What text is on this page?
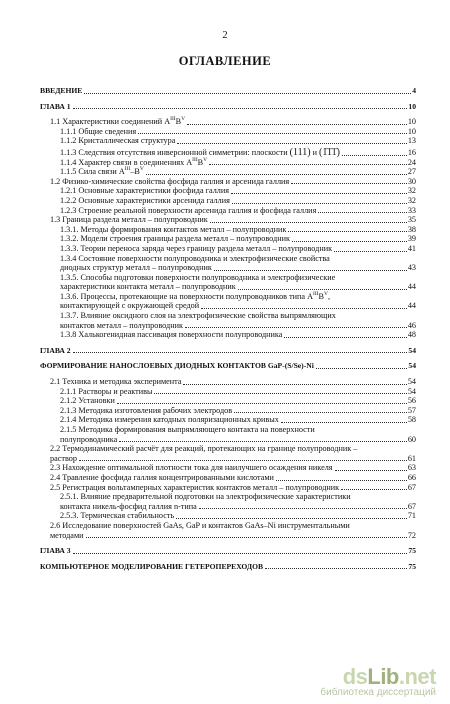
2
ОГЛАВЛЕНИЕ
ВВЕДЕНИЕ	4
ГЛАВА 1	10
1.1 Характеристики соединений $A^{III}B^V$	10
1.1.1 Общие сведения	10
1.1.2 Кристаллическая структура	13
1.1.3 Следствия отсутствия инверсионной симметрии: плоскости (111) и (1̄1̄1̄)	16
1.1.4 Характер связи в соединениях $A^{III}B^V$	24
1.1.5 Сила связи $A^{III}-B^V$	27
1.2 Физико-химические свойства фосфида галлия и арсенида галлия	30
1.2.1 Основные характеристики фосфида галлия	32
1.2.2 Основные характеристики арсенида галлия	32
1.2.3 Строение реальной поверхности арсенида галлия и фосфида галлия	33
1.3 Граница раздела металл – полупроводник	35
1.3.1. Методы формирования контактов металл – полупроводник	38
1.3.2. Модели строения границы раздела металл – полупроводник	39
1.3.3. Теории переноса заряда через границу раздела металл – полупроводник	41
1.3.4 Состояние поверхности полупроводника и электрофизические свойства
диодных структур металл – полупроводник	43
1.3.5. Способы подготовки поверхности полупроводника и электрофизические
характеристики контакта металл – полупроводник	44
1.3.6. Процессы, протекающие на поверхности полупроводников типа $A^{III}B^V$,
контактирующей с окружающей средой	44
1.3.7. Влияние оксидного слоя на электрофизические свойства выпрямляющих
контактов металл – полупроводник	46
1.3.8 Халькогенидная пассивация поверхности полупроводника	48
ГЛАВА 2	54
ФОРМИРОВАНИЕ НАНОСЛОЕВЫХ ДИОДНЫХ КОНТАКТОВ GaP-(S/Se)-Ni	54
2.1 Техника и методика эксперимента	54
2.1.1 Растворы и реактивы	54
2.1.2 Установки	56
2.1.3 Методика изготовления рабочих электродов	57
2.1.4 Методика измерения катодных поляризационных кривых	58
2.1.5 Методика формирования выпрямляющего контакта на поверхности
полупроводника	60
2.2 Термодинамический расчёт для реакций, протекающих на границе полупроводник –
раствор	61
2.3 Нахождение оптимальной плотности тока для наилучшего осаждения никеля	63
2.4 Травление фосфида галлия концентрированными кислотами	66
2.5 Регистрация вольтамперных характеристик контактов металл – полупроводник	67
2.5.1. Влияние предварительной подготовки на электрофизические характеристики
контакта никель-фосфид галлия n-типа	67
2.5.3. Термическая стабильность	71
2.6 Исследование поверхностей GaAs, GaP и контактов GaAs–Ni инструментальными
методами	72
ГЛАВА 3	75
КОМПЬЮТЕРНОЕ МОДЕЛИРОВАНИЕ ГЕТЕРОПЕРЕХОДОВ	75
dsLib.net
библиотека диссертаций
